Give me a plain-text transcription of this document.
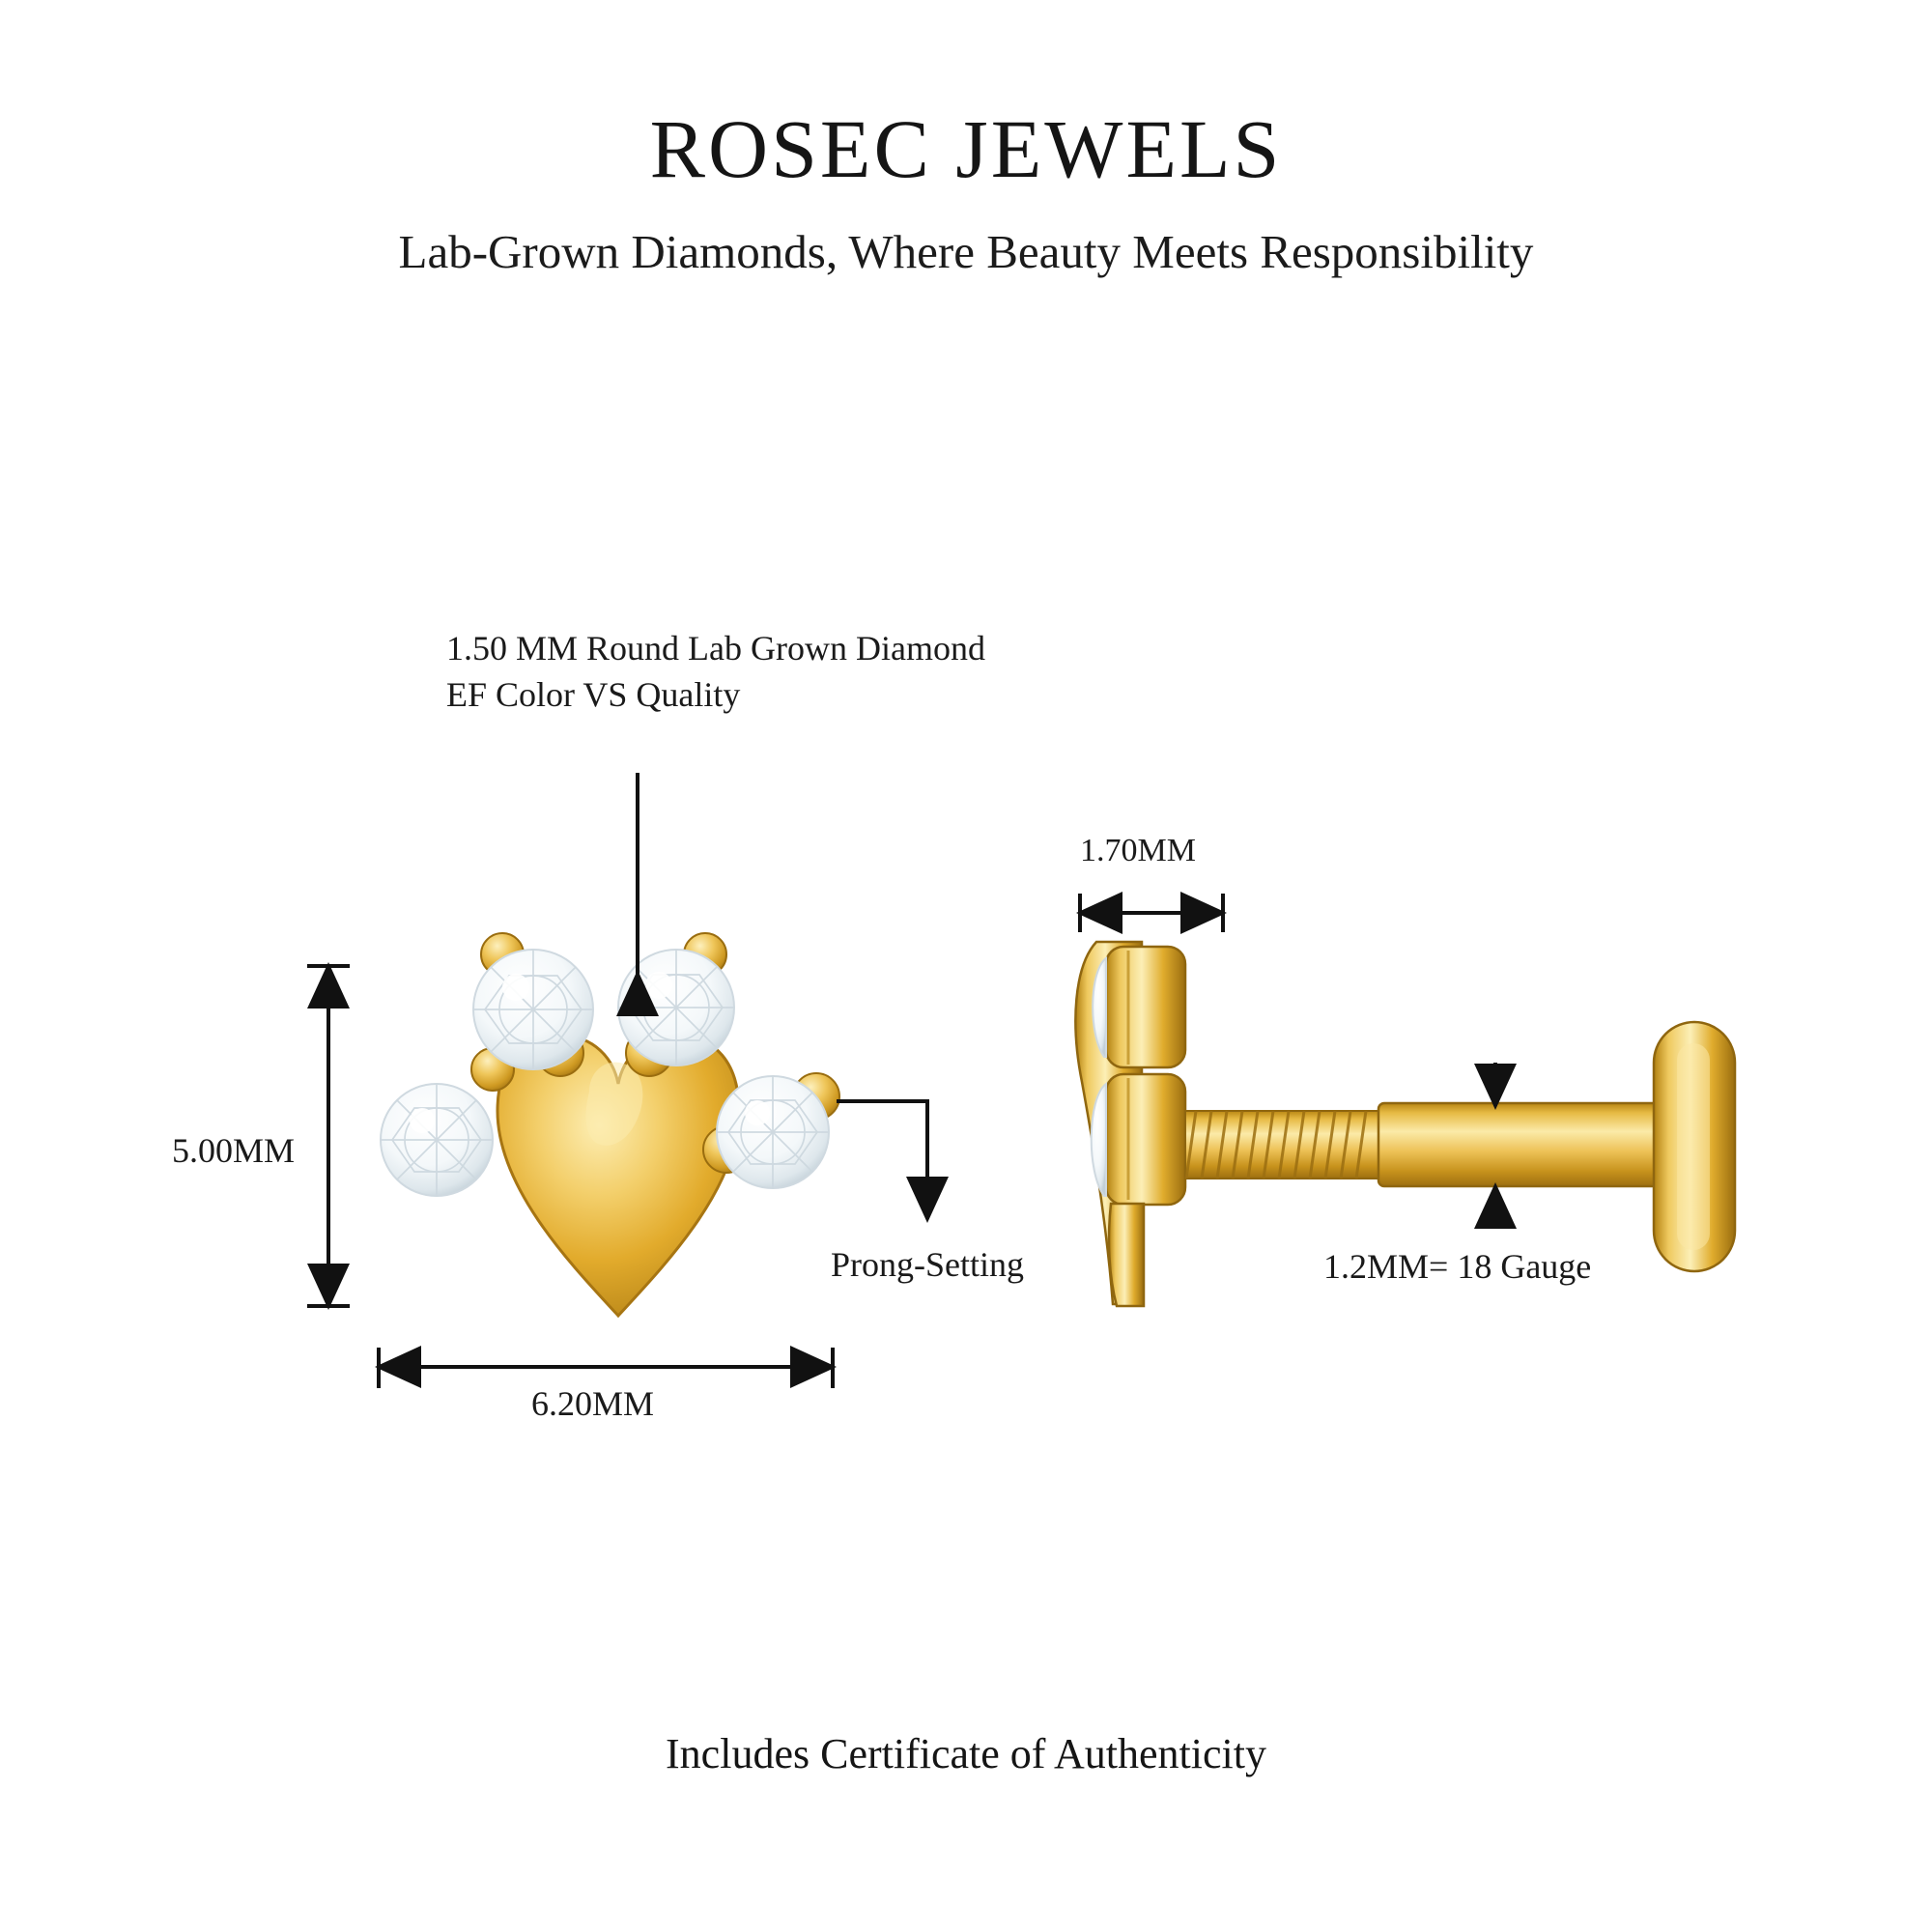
ROSEC JEWELS
Lab-Grown Diamonds, Where Beauty Meets Responsibility
1.50 MM Round Lab Grown Diamond
EF Color VS Quality
Prong-Setting
5.00MM
6.20MM
1.70MM
1.2MM= 18 Gauge
Includes Certificate of Authenticity
